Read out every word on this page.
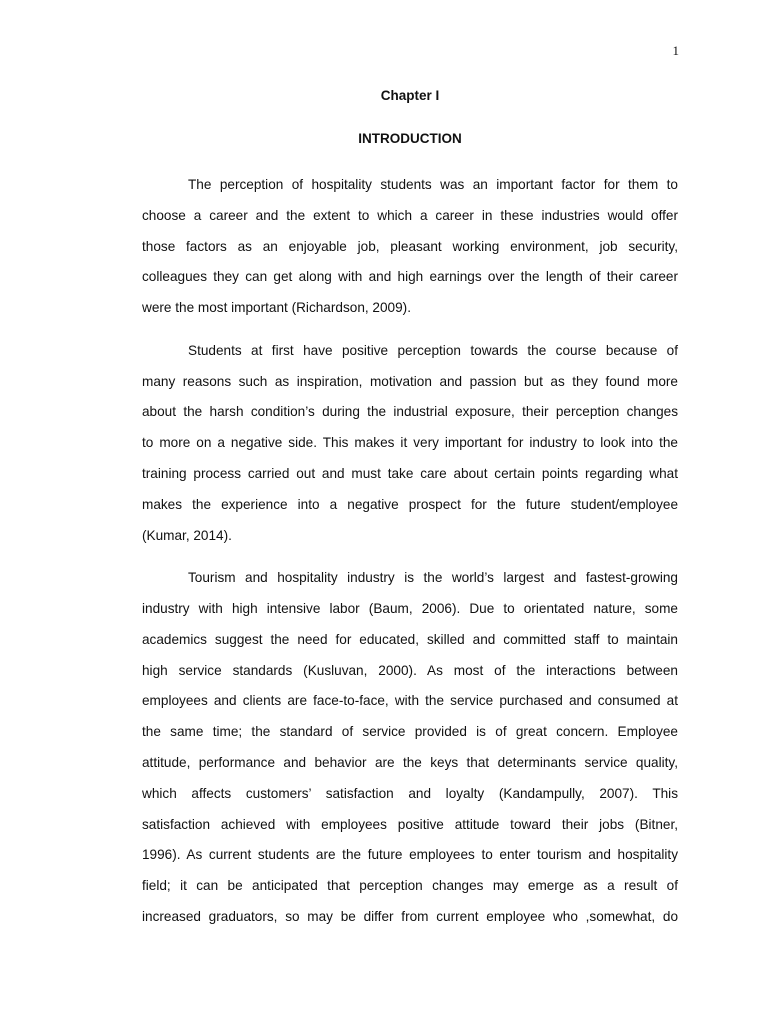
1
Chapter I
INTRODUCTION
The perception of hospitality students was an important factor for them to
choose a career and the extent to which a career in these industries would offer
those factors as an enjoyable job, pleasant working environment, job security,
colleagues they can get along with and high earnings over the length of their career
were the most important (Richardson, 2009).
Students at first have positive perception towards the course because of
many reasons such as inspiration, motivation and passion but as they found more
about the harsh condition’s during the industrial exposure, their perception changes
to more on a negative side. This makes it very important for industry to look into the
training process carried out and must take care about certain points regarding what
makes the experience into a negative prospect for the future student/employee
(Kumar, 2014).
Tourism and hospitality industry is the world’s largest and fastest-growing
industry with high intensive labor (Baum, 2006). Due to orientated nature, some
academics suggest the need for educated, skilled and committed staff to maintain
high service standards (Kusluvan, 2000). As most of the interactions between
employees and clients are face-to-face, with the service purchased and consumed at
the same time; the standard of service provided is of great concern. Employee
attitude, performance and behavior are the keys that determinants service quality,
which affects customers’ satisfaction and loyalty (Kandampully, 2007). This
satisfaction achieved with employees positive attitude toward their jobs (Bitner,
1996). As current students are the future employees to enter tourism and hospitality
field; it can be anticipated that perception changes may emerge as a result of
increased graduators, so may be differ from current employee who ,somewhat, do
